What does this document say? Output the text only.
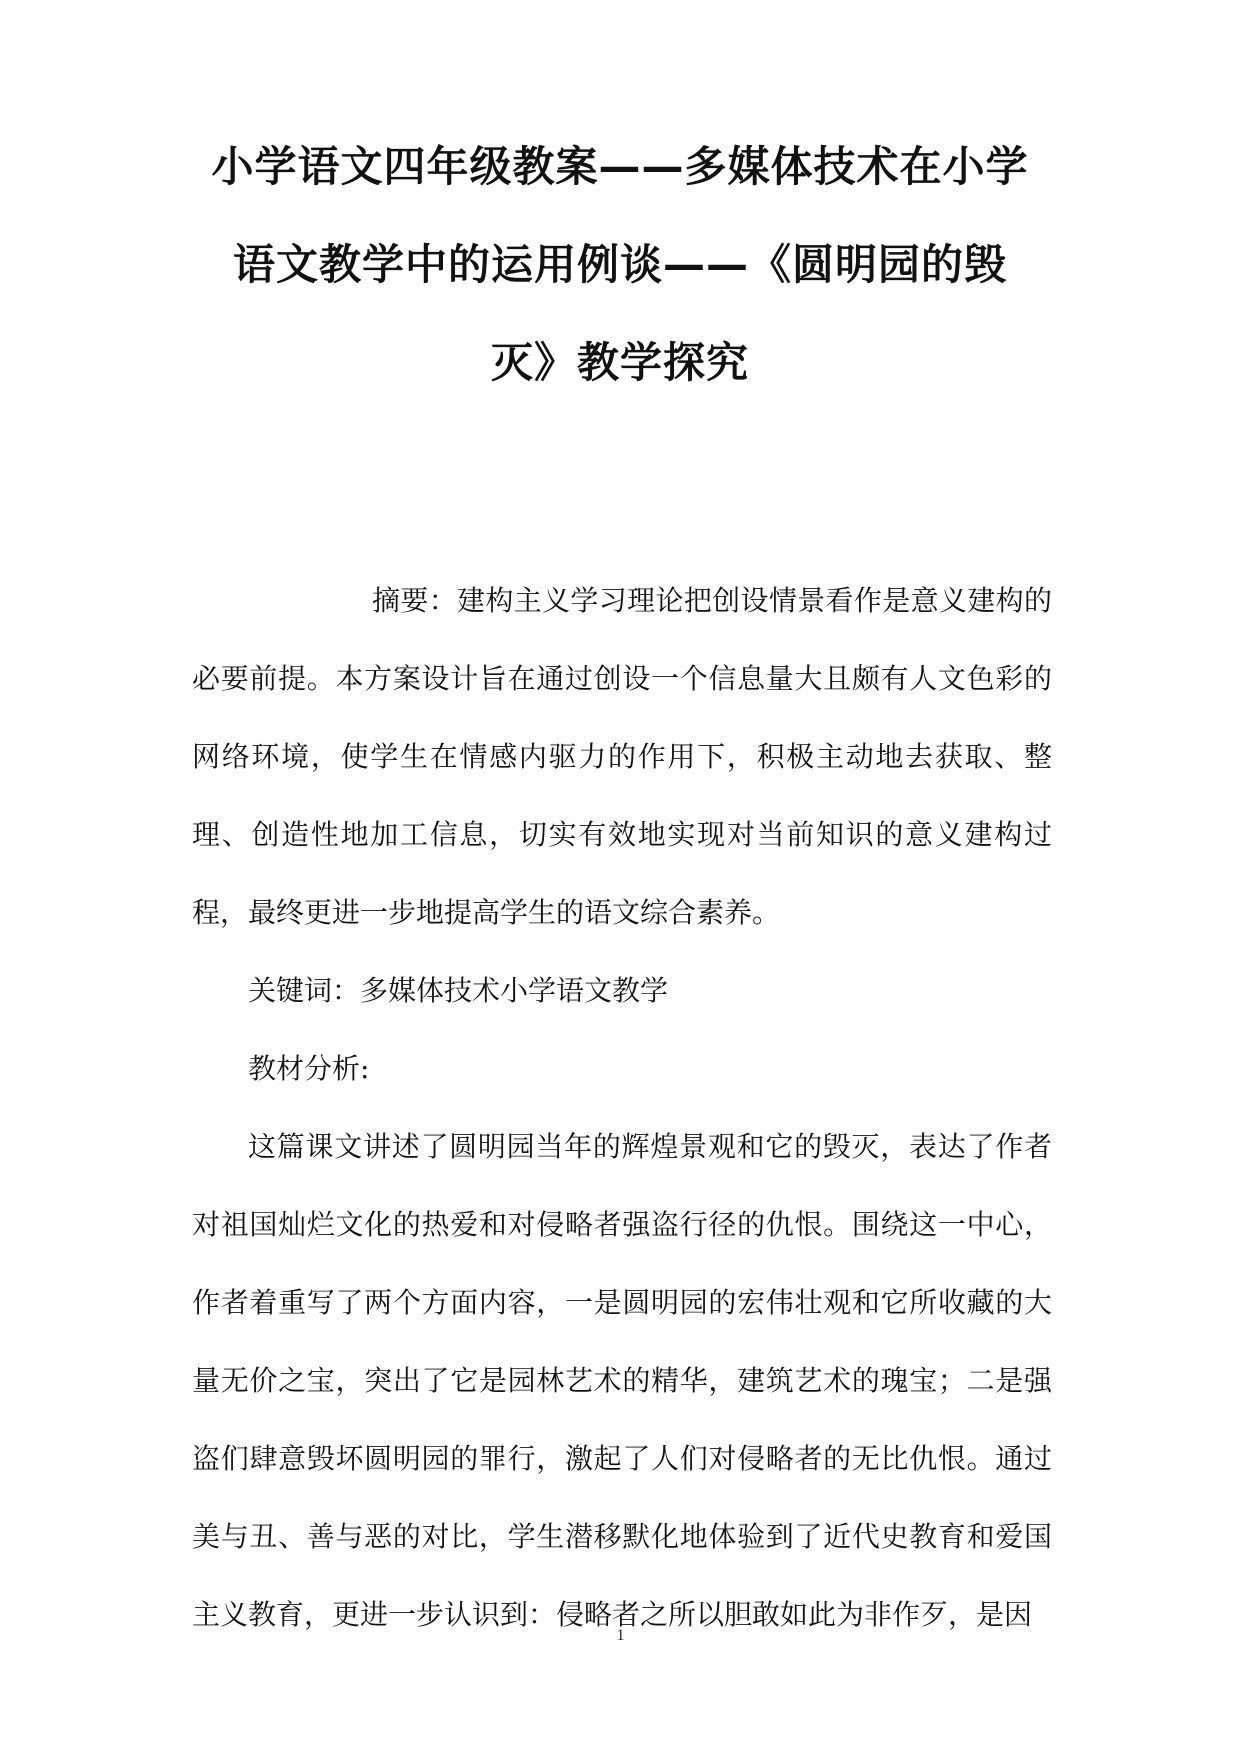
小学语文四年级教案——多媒体技术在小学
语文教学中的运用例谈——《圆明园的毁
灭》教学探究

摘要：建构主义学习理论把创设情景看作是意义建构的必要前提。本方案设计旨在通过创设一个信息量大且颇有人文色彩的网络环境，使学生在情感内驱力的作用下，积极主动地去获取、整理、创造性地加工信息，切实有效地实现对当前知识的意义建构过程，最终更进一步地提高学生的语文综合素养。

关键词：多媒体技术小学语文教学

教材分析:

这篇课文讲述了圆明园当年的辉煌景观和它的毁灭，表达了作者对祖国灿烂文化的热爱和对侵略者强盗行径的仇恨。围绕这一中心，作者着重写了两个方面内容，一是圆明园的宏伟壮观和它所收藏的大量无价之宝，突出了它是园林艺术的精华，建筑艺术的瑰宝；二是强盗们肆意毁坏圆明园的罪行，激起了人们对侵略者的无比仇恨。通过美与丑、善与恶的对比，学生潜移默化地体验到了近代史教育和爱国主义教育，更进一步认识到：侵略者之所以胆敢如此为非作歹，是因

1
